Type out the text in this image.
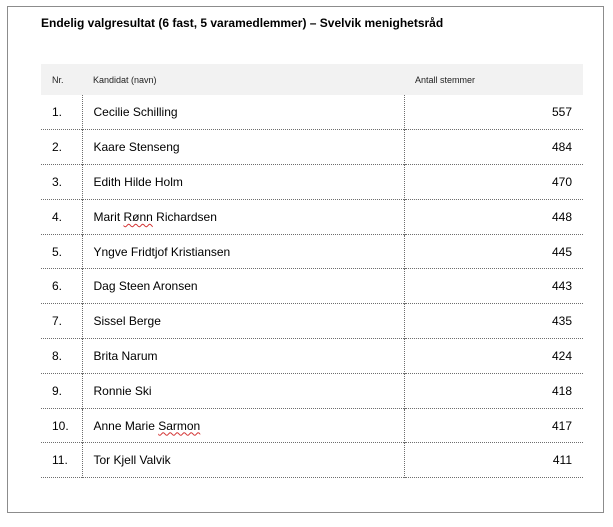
Endelig valgresultat (6 fast, 5 varamedlemmer) – Svelvik menighetsråd
Nr.	Kandidat (navn)	Antall stemmer
1.	Cecilie Schilling	557
2.	Kaare Stenseng	484
3.	Edith Hilde Holm	470
4.	Marit Rønn Richardsen	448
5.	Yngve Fridtjof Kristiansen	445
6.	Dag Steen Aronsen	443
7.	Sissel Berge	435
8.	Brita Narum	424
9.	Ronnie Ski	418
10.	Anne Marie Sarmon	417
11.	Tor Kjell Valvik	411
